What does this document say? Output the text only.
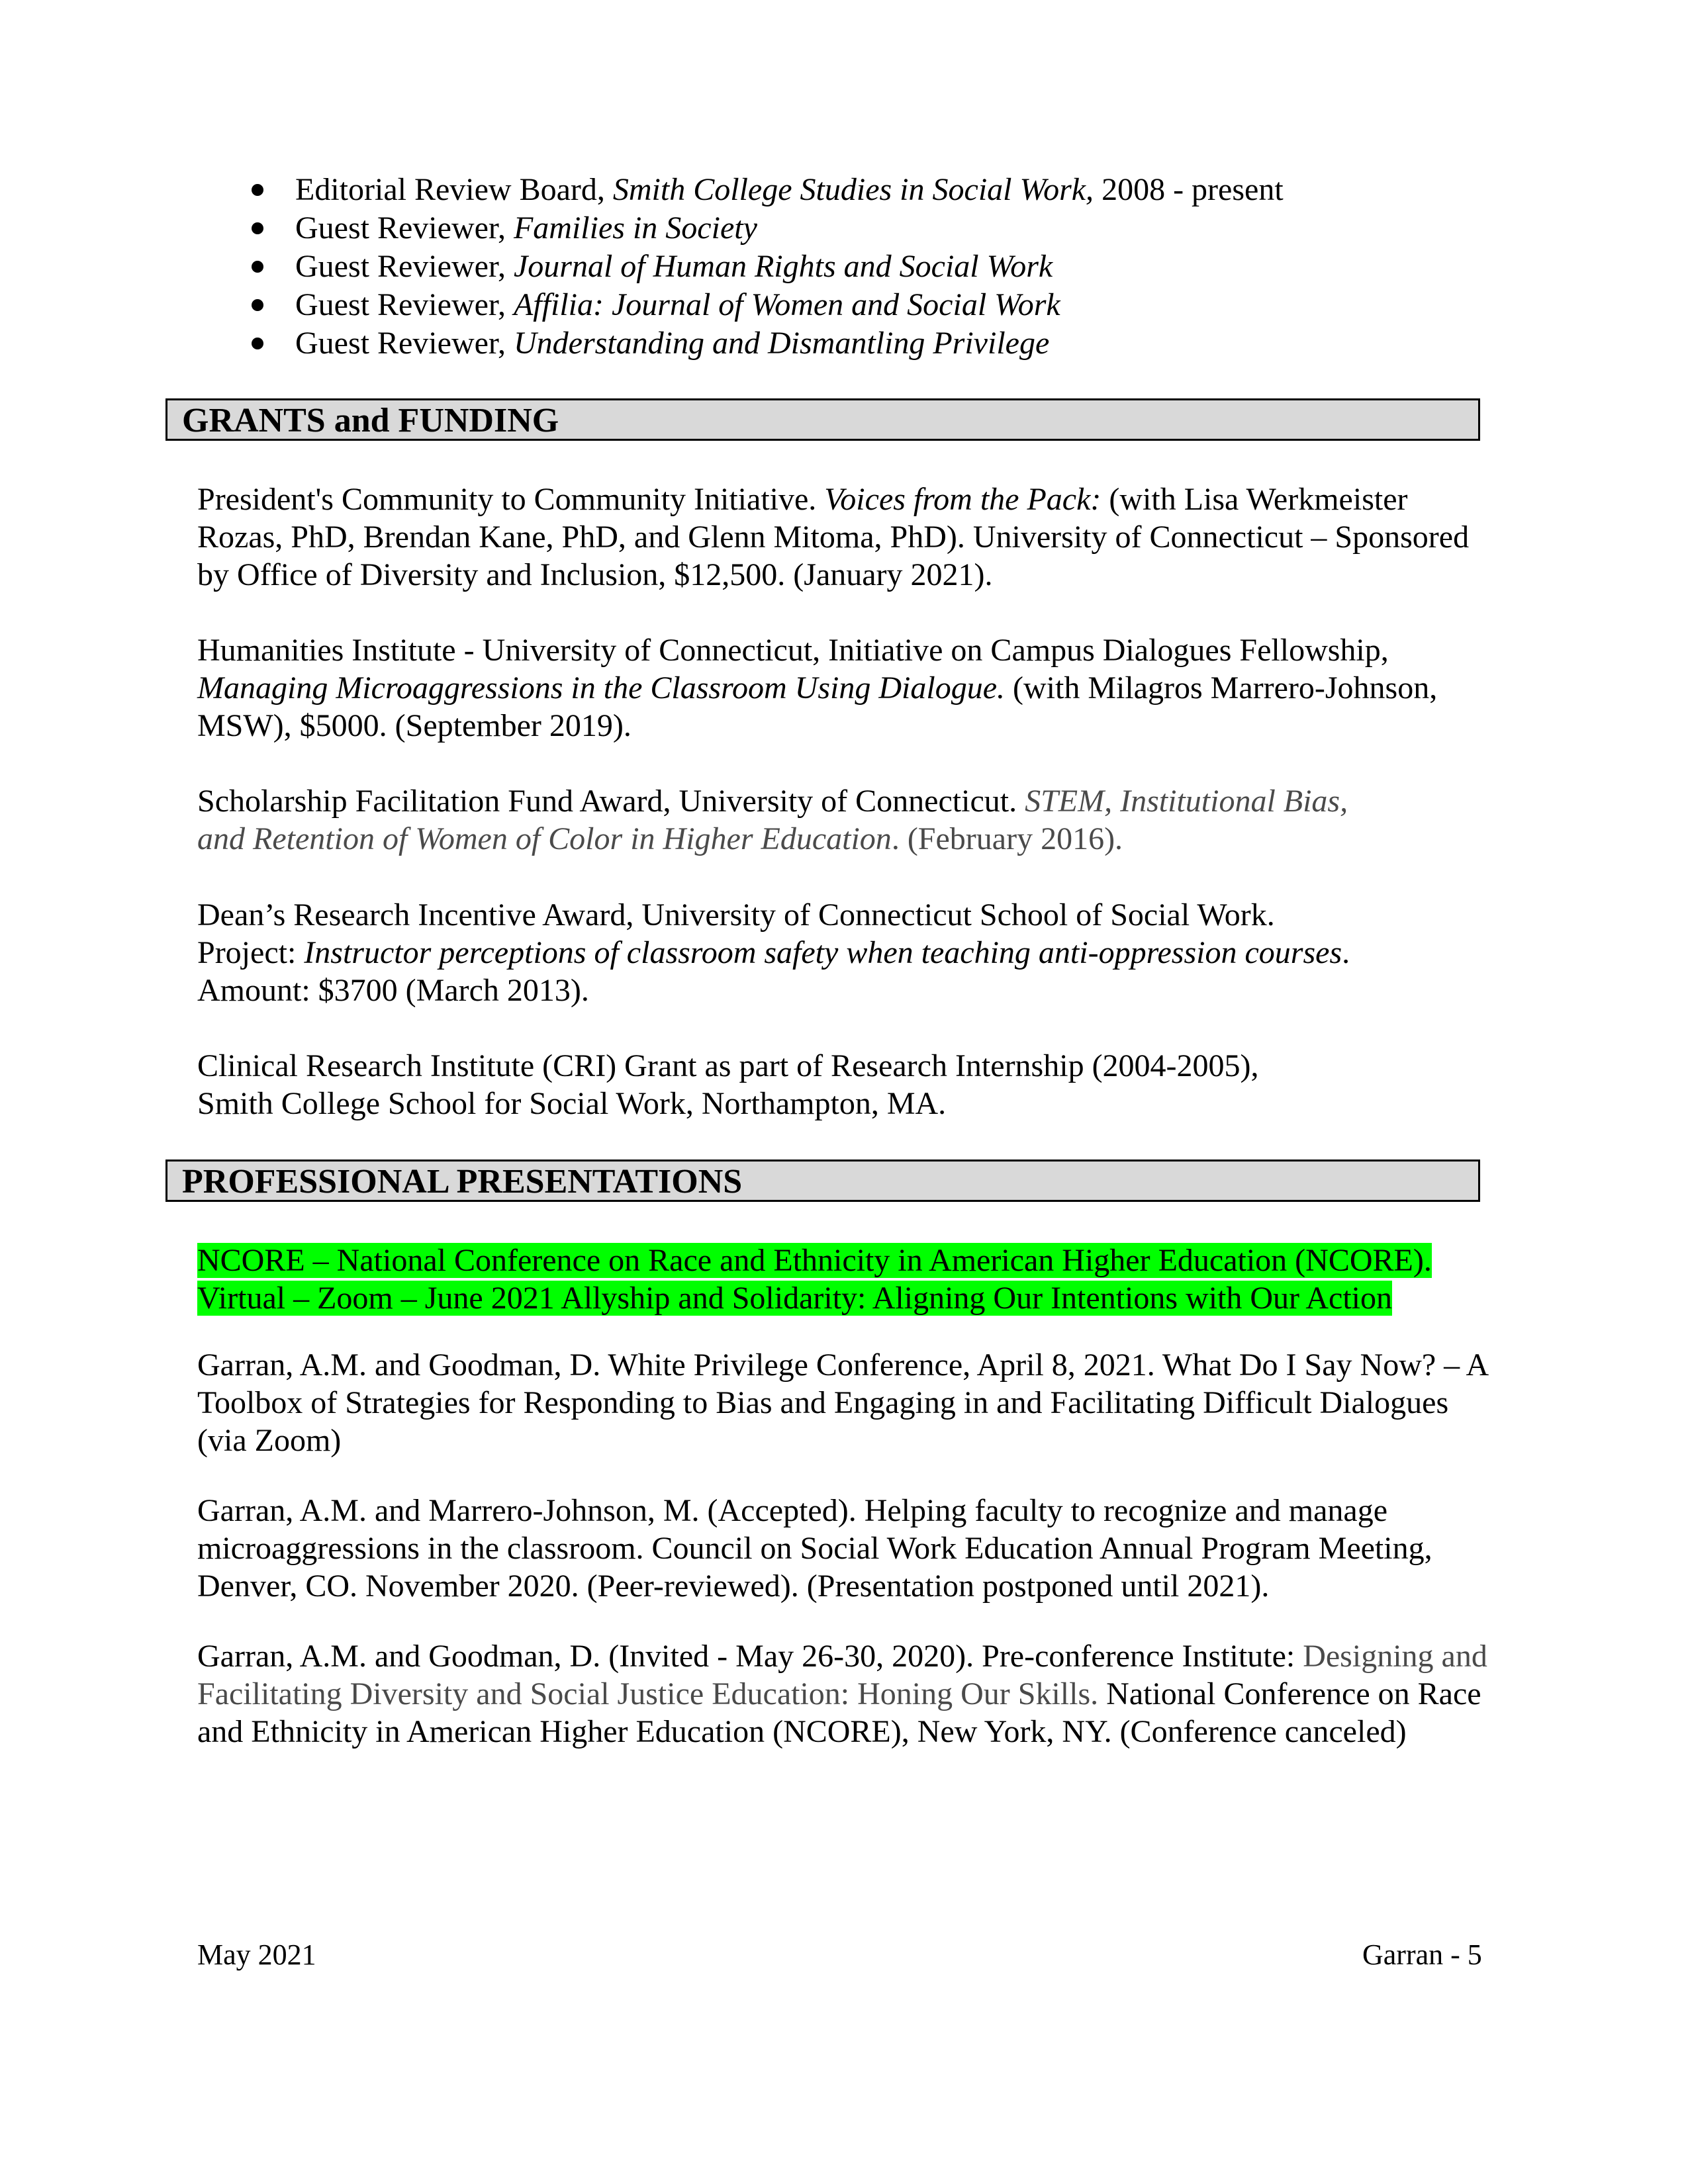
Editorial Review Board, Smith College Studies in Social Work, 2008 - present
Guest Reviewer, Families in Society
Guest Reviewer, Journal of Human Rights and Social Work
Guest Reviewer, Affilia: Journal of Women and Social Work
Guest Reviewer, Understanding and Dismantling Privilege
GRANTS and FUNDING
President's Community to Community Initiative. Voices from the Pack: (with Lisa Werkmeister
Rozas, PhD, Brendan Kane, PhD, and Glenn Mitoma, PhD). University of Connecticut – Sponsored
by Office of Diversity and Inclusion, $12,500. (January 2021).
Humanities Institute - University of Connecticut, Initiative on Campus Dialogues Fellowship,
Managing Microaggressions in the Classroom Using Dialogue. (with Milagros Marrero-Johnson,
MSW), $5000. (September 2019).
Scholarship Facilitation Fund Award, University of Connecticut. STEM, Institutional Bias,
and Retention of Women of Color in Higher Education. (February 2016).
Dean’s Research Incentive Award, University of Connecticut School of Social Work.
Project: Instructor perceptions of classroom safety when teaching anti-oppression courses.
Amount: $3700 (March 2013).
Clinical Research Institute (CRI) Grant as part of Research Internship (2004-2005),
Smith College School for Social Work, Northampton, MA.
PROFESSIONAL PRESENTATIONS
NCORE – National Conference on Race and Ethnicity in American Higher Education (NCORE).
Virtual – Zoom – June 2021 Allyship and Solidarity: Aligning Our Intentions with Our Action
Garran, A.M. and Goodman, D. White Privilege Conference, April 8, 2021. What Do I Say Now? – A
Toolbox of Strategies for Responding to Bias and Engaging in and Facilitating Difficult Dialogues
(via Zoom)
Garran, A.M. and Marrero-Johnson, M. (Accepted). Helping faculty to recognize and manage
microaggressions in the classroom. Council on Social Work Education Annual Program Meeting,
Denver, CO. November 2020. (Peer-reviewed). (Presentation postponed until 2021).
Garran, A.M. and Goodman, D. (Invited - May 26-30, 2020). Pre-conference Institute: Designing and
Facilitating Diversity and Social Justice Education: Honing Our Skills. National Conference on Race
and Ethnicity in American Higher Education (NCORE), New York, NY. (Conference canceled)
May 2021	Garran - 5
